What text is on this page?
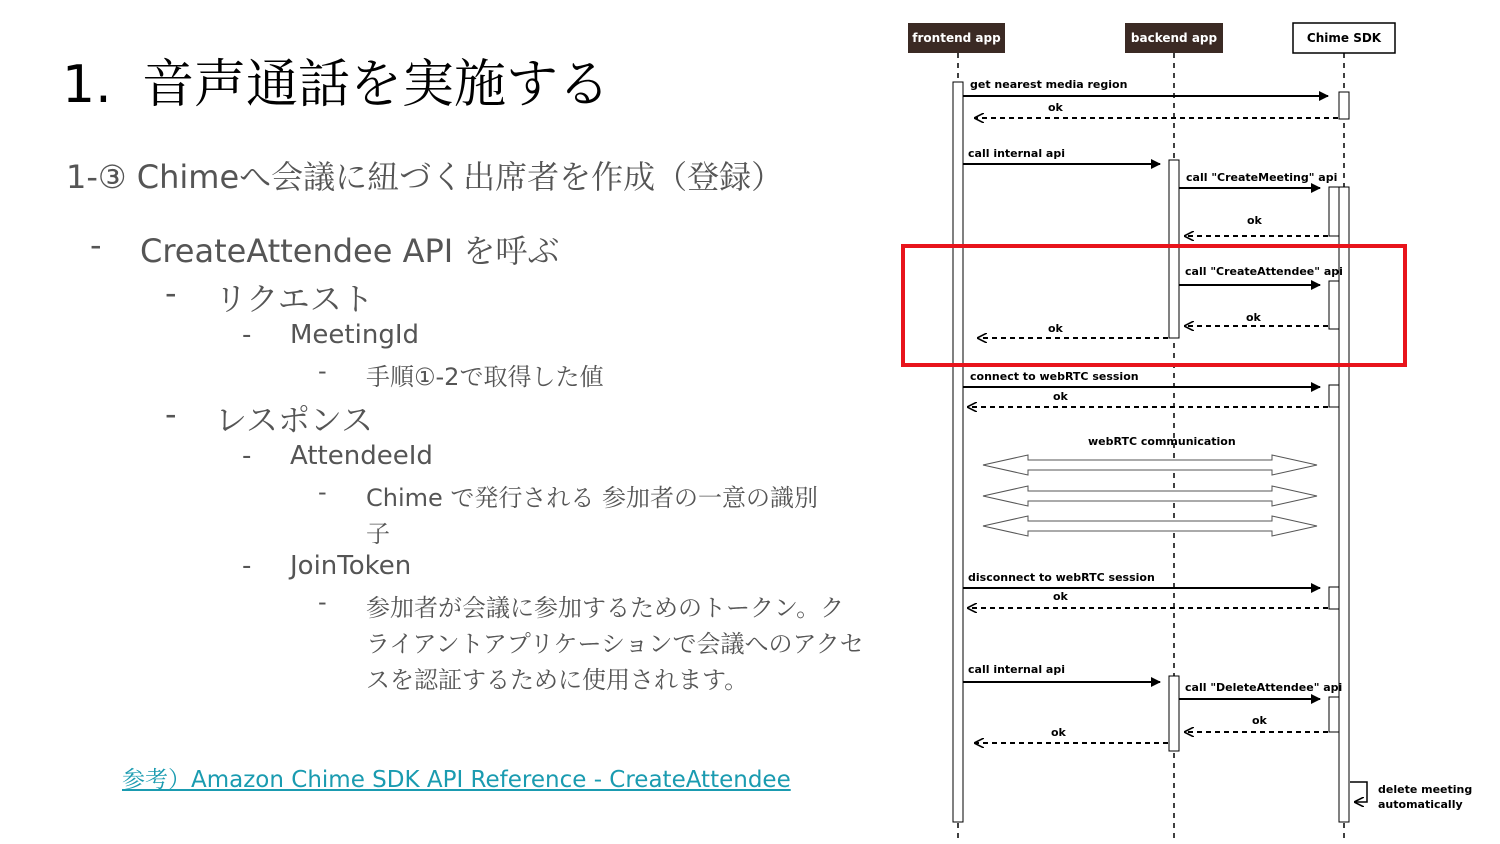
1. 音声通話を実施する
1-③ Chimeへ会議に紐づく出席者を作成（登録）
- CreateAttendee API を呼ぶ
- リクエスト
- MeetingId
- 手順①-2で取得した値
- レスポンス
- AttendeeId
- Chime で発行される 参加者の一意の識別
子
- JoinToken
- 参加者が会議に参加するためのトークン。ク
ライアントアプリケーションで会議へのアクセ
スを認証するために使用されます。
参考）Amazon Chime SDK API Reference - CreateAttendee
frontend app	backend app	Chime SDK
get nearest media region
ok
call internal api
call "CreateMeeting" api
ok
call "CreateAttendee" api
ok
ok
connect to webRTC session
ok
webRTC communication
disconnect to webRTC session
ok
call internal api
call "DeleteAttendee" api
ok
ok
delete meeting
automatically
